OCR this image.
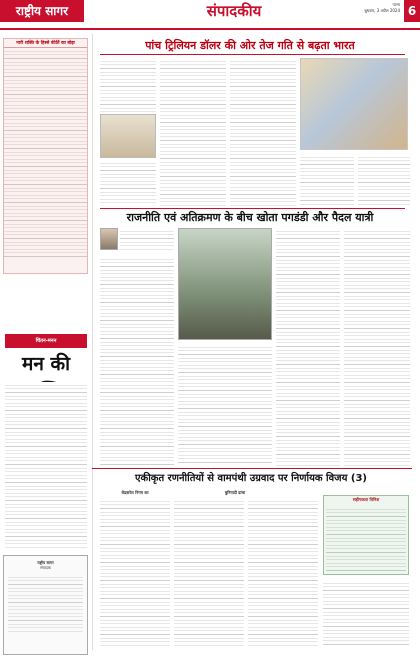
राष्ट्रीय सागर	संपादकीय	पटना
बुधवार, 3 अप्रैल 2024 6
नारी शक्ति के हिस्से कीर्ति का बोझ
चिंतन-मनन
मन की
राष्ट्रीय सागर
संपादक
पांच ट्रिलियन डॉलर की ओर तेज गति से बढ़ता भारत
राजनीति एवं अतिक्रमण के बीच खोता पगडंडी और पैदल यात्री
एकीकृत रणनीतियों से वामपंथी उग्रवाद पर निर्णायक विजय (3)
केंद्रसरेल निगम का	बुनियादी ढांचा
सहीपकता विनिश
